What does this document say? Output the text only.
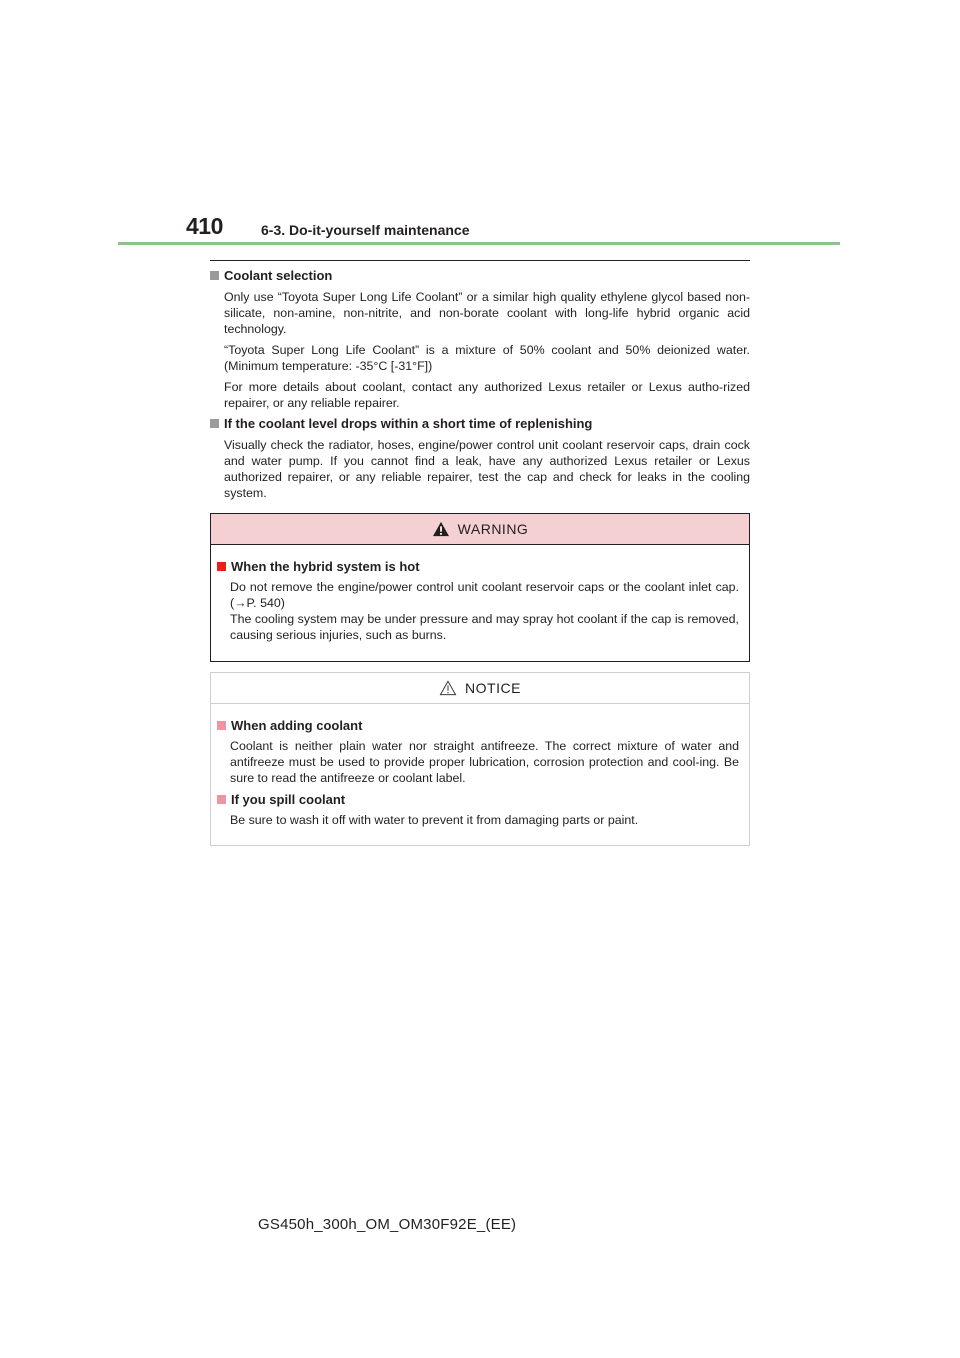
410	6-3. Do-it-yourself maintenance
Coolant selection

Only use “Toyota Super Long Life Coolant” or a similar high quality ethylene glycol based non-silicate, non-amine, non-nitrite, and non-borate coolant with long-life hybrid organic acid technology.

“Toyota Super Long Life Coolant” is a mixture of 50% coolant and 50% deionized water. (Minimum temperature: -35°C [-31°F])

For more details about coolant, contact any authorized Lexus retailer or Lexus autho-rized repairer, or any reliable repairer.

If the coolant level drops within a short time of replenishing

Visually check the radiator, hoses, engine/power control unit coolant reservoir caps, drain cock and water pump. If you cannot find a leak, have any authorized Lexus retailer or Lexus authorized repairer, or any reliable repairer, test the cap and check for leaks in the cooling system.

WARNING
When the hybrid system is hot

Do not remove the engine/power control unit coolant reservoir caps or the coolant inlet cap. (→P. 540)

The cooling system may be under pressure and may spray hot coolant if the cap is removed, causing serious injuries, such as burns.

NOTICE
When adding coolant

Coolant is neither plain water nor straight antifreeze. The correct mixture of water and antifreeze must be used to provide proper lubrication, corrosion protection and cool-ing. Be sure to read the antifreeze or coolant label.

If you spill coolant

Be sure to wash it off with water to prevent it from damaging parts or paint.

GS450h_300h_OM_OM30F92E_(EE)
